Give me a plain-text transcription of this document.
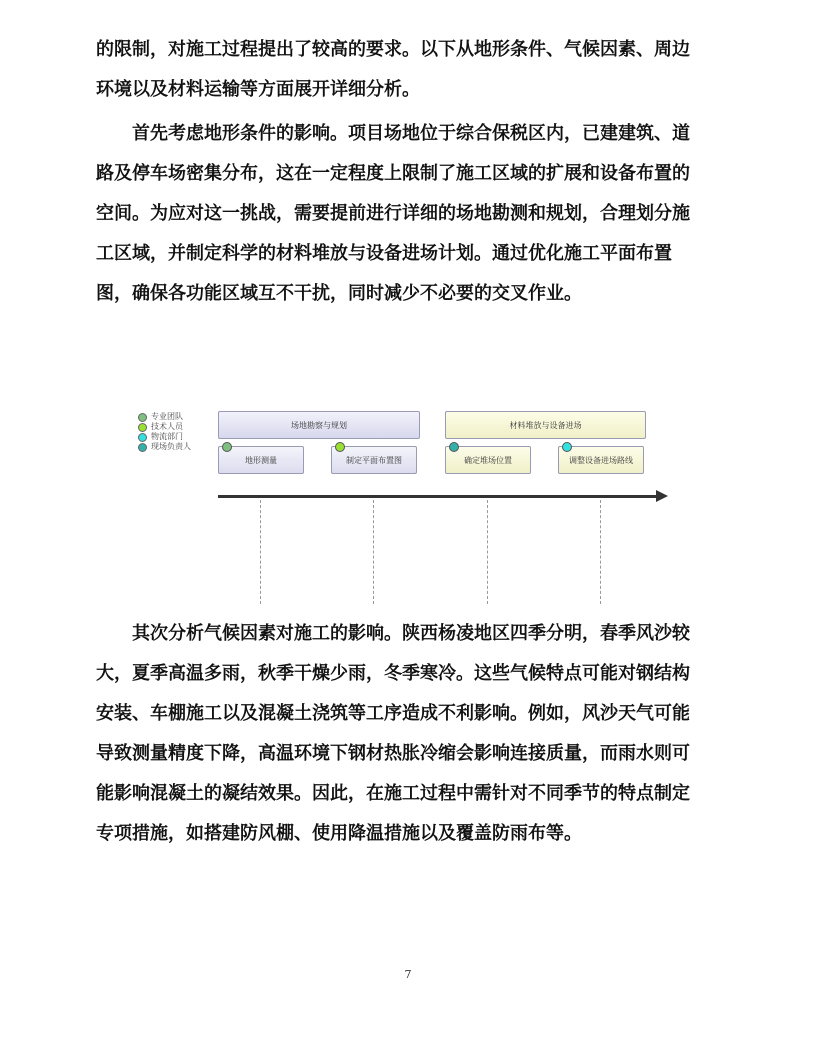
的限制，对施工过程提出了较高的要求。以下从地形条件、气候因素、周边
环境以及材料运输等方面展开详细分析。
　　首先考虑地形条件的影响。项目场地位于综合保税区内，已建建筑、道
路及停车场密集分布，这在一定程度上限制了施工区域的扩展和设备布置的
空间。为应对这一挑战，需要提前进行详细的场地勘测和规划，合理划分施
工区域，并制定科学的材料堆放与设备进场计划。通过优化施工平面布置
图，确保各功能区域互不干扰，同时减少不必要的交叉作业。
专业团队
技术人员
物流部门
现场负责人
场地勘察与规划	材料堆放与设备进场
地形测量	制定平面布置图	确定堆场位置	调整设备进场路线
　　其次分析气候因素对施工的影响。陕西杨凌地区四季分明，春季风沙较
大，夏季高温多雨，秋季干燥少雨，冬季寒冷。这些气候特点可能对钢结构
安装、车棚施工以及混凝土浇筑等工序造成不利影响。例如，风沙天气可能
导致测量精度下降，高温环境下钢材热胀冷缩会影响连接质量，而雨水则可
能影响混凝土的凝结效果。因此，在施工过程中需针对不同季节的特点制定
专项措施，如搭建防风棚、使用降温措施以及覆盖防雨布等。
7
